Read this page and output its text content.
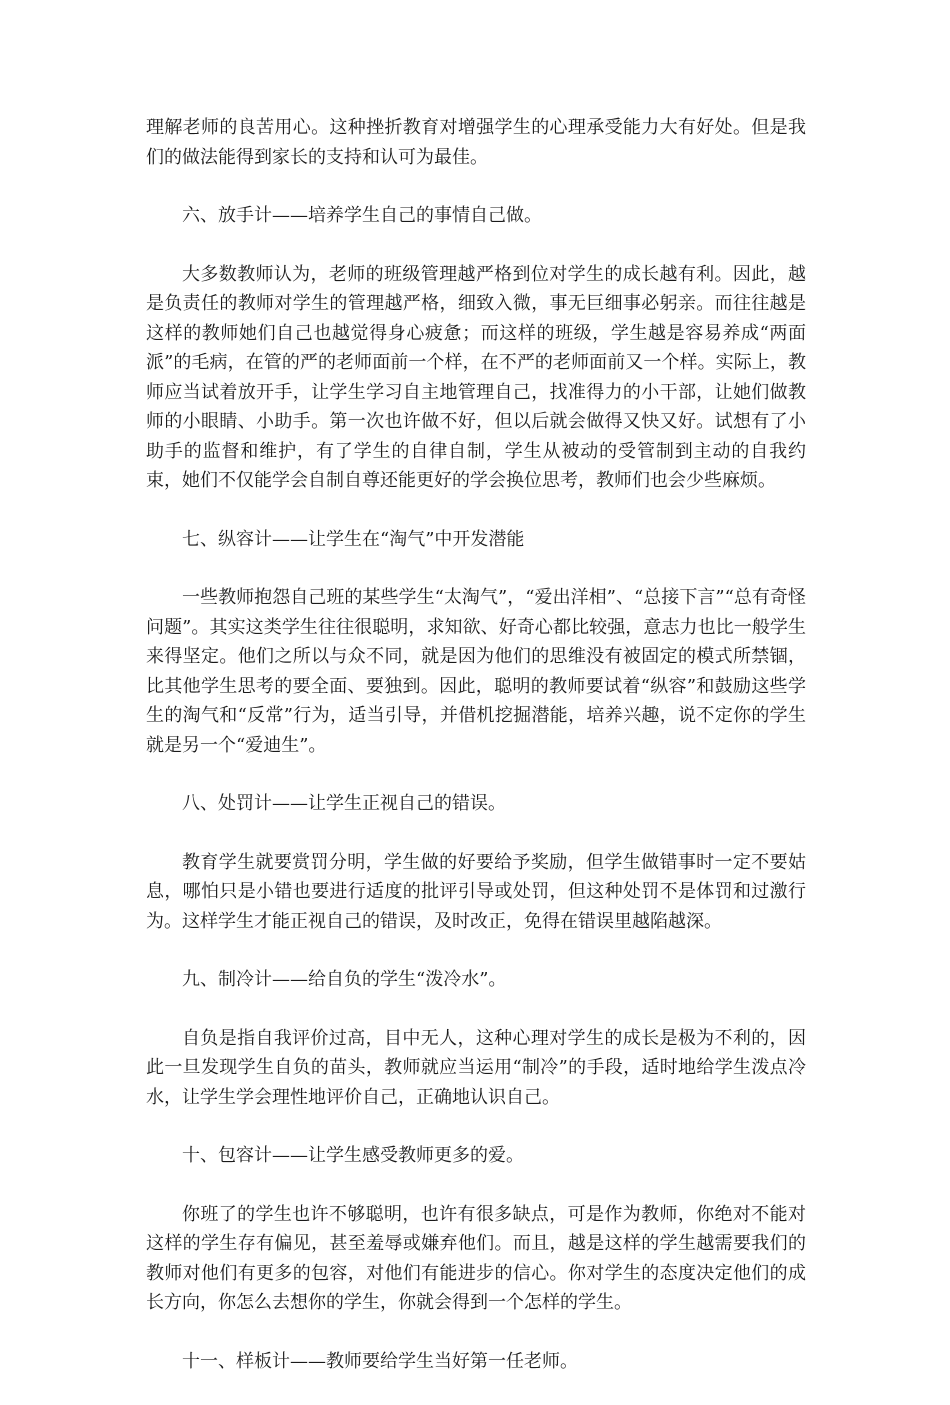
理解老师的良苦用心。这种挫折教育对增强学生的心理承受能力大有好处。但是我们的做法能得到家长的支持和认可为最佳。

六、放手计——培养学生自己的事情自己做。

大多数教师认为，老师的班级管理越严格到位对学生的成长越有利。因此，越是负责任的教师对学生的管理越严格，细致入微，事无巨细事必躬亲。而往往越是这样的教师她们自己也越觉得身心疲惫；而这样的班级，学生越是容易养成“两面派”的毛病，在管的严的老师面前一个样，在不严的老师面前又一个样。实际上，教师应当试着放开手，让学生学习自主地管理自己，找准得力的小干部，让她们做教师的小眼睛、小助手。第一次也许做不好，但以后就会做得又快又好。试想有了小助手的监督和维护，有了学生的自律自制，学生从被动的受管制到主动的自我约束，她们不仅能学会自制自尊还能更好的学会换位思考，教师们也会少些麻烦。

七、纵容计——让学生在“淘气”中开发潜能

一些教师抱怨自己班的某些学生“太淘气”，“爱出洋相”、“总接下言”“总有奇怪问题”。其实这类学生往往很聪明，求知欲、好奇心都比较强，意志力也比一般学生来得坚定。他们之所以与众不同，就是因为他们的思维没有被固定的模式所禁锢，比其他学生思考的要全面、要独到。因此，聪明的教师要试着“纵容”和鼓励这些学生的淘气和“反常”行为，适当引导，并借机挖掘潜能，培养兴趣，说不定你的学生就是另一个“爱迪生”。

八、处罚计——让学生正视自己的错误。

教育学生就要赏罚分明，学生做的好要给予奖励，但学生做错事时一定不要姑息，哪怕只是小错也要进行适度的批评引导或处罚，但这种处罚不是体罚和过激行为。这样学生才能正视自己的错误，及时改正，免得在错误里越陷越深。

九、制冷计——给自负的学生“泼冷水”。

自负是指自我评价过高，目中无人，这种心理对学生的成长是极为不利的，因此一旦发现学生自负的苗头，教师就应当运用“制冷”的手段，适时地给学生泼点冷水，让学生学会理性地评价自己，正确地认识自己。

十、包容计——让学生感受教师更多的爱。

你班了的学生也许不够聪明，也许有很多缺点，可是作为教师，你绝对不能对这样的学生存有偏见，甚至羞辱或嫌弃他们。而且，越是这样的学生越需要我们的教师对他们有更多的包容，对他们有能进步的信心。你对学生的态度决定他们的成长方向，你怎么去想你的学生，你就会得到一个怎样的学生。

十一、样板计——教师要给学生当好第一任老师。
